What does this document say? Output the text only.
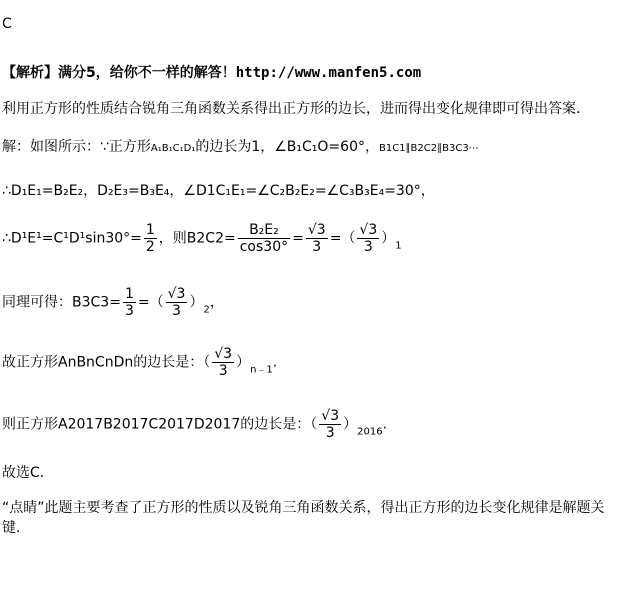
C
【解析】满分5，给你不一样的解答！http://www.manfen5.com
利用正方形的性质结合锐角三角函数关系得出正方形的边长，进而得出变化规律即可得出答案．
解：如图所示：∵正方形A₁B₁C₁D₁的边长为1，∠B₁C₁O=60°，B1C1∥B2C2∥B3C3⋯
∴D₁E₁=B₂E₂，D₂E₃=B₃E₄，∠D1C₁E₁=∠C₂B₂E₂=∠C₃B₃E₄=30°，
∴D¹E¹=C¹D¹sin30°= $\frac{1}{2}$ ，则$B2C2= \frac{\text{B₂E₂}}{\cos 30^\circ} = \frac{√3}{3}$ =（ $\frac{√3}{3} )_1$
同理可得：$B3C3= \frac{1}{3}$ =（ $\frac{√3}{3} )_2$，
故正方形AnBnCnDn的边长是：（ $\frac{√3}{3} )_{n﹣1}$.
则正方形A2017B2017C2017D2017的边长是：（ $\frac{√3}{3} )_{2016}$.
故选C．
“点睛”此题主要考查了正方形的性质以及锐角三角函数关系，得出正方形的边长变化规律是解题关键．
